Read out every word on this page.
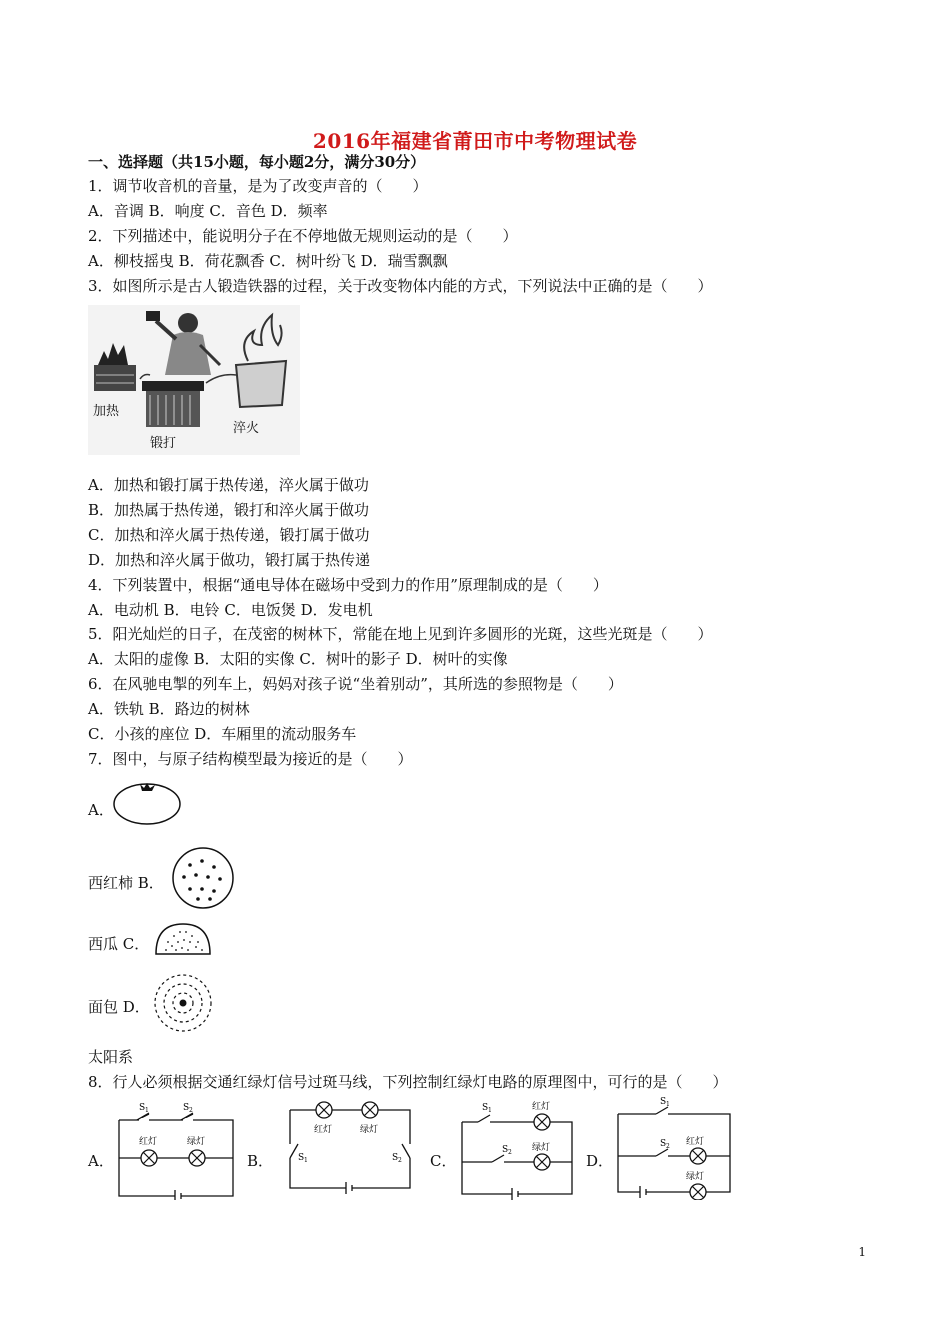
2016年福建省莆田市中考物理试卷
一、选择题（共15小题，每小题2分，满分30分）
1．调节收音机的音量，是为了改变声音的（　　）
A．音调 B．响度 C．音色 D．频率
2．下列描述中，能说明分子在不停地做无规则运动的是（　　）
A．柳枝摇曳 B．荷花飘香 C．树叶纷飞 D．瑞雪飘飘
3．如图所示是古人锻造铁器的过程，关于改变物体内能的方式，下列说法中正确的是（　　）
加热
锻打
淬火
A．加热和锻打属于热传递，淬火属于做功
B．加热属于热传递，锻打和淬火属于做功
C．加热和淬火属于热传递，锻打属于做功
D．加热和淬火属于做功，锻打属于热传递
4．下列装置中，根据“通电导体在磁场中受到力的作用”原理制成的是（　　）
A．电动机 B．电铃 C．电饭煲 D．发电机
5．阳光灿烂的日子，在茂密的树林下，常能在地上见到许多圆形的光斑，这些光斑是（　　）
A．太阳的虚像 B．太阳的实像 C．树叶的影子 D．树叶的实像
6．在风驰电掣的列车上，妈妈对孩子说“坐着别动”，其所选的参照物是（　　）
A．铁轨 B．路边的树林
C．小孩的座位 D．车厢里的流动服务车
7．图中，与原子结构模型最为接近的是（　　）
A．
西红柿 B．
西瓜 C．
面包 D．
太阳系
8．行人必须根据交通红绿灯信号过斑马线，下列控制红绿灯电路的原理图中，可行的是（　　）
A．
红灯	绿灯
S 1	S 2
B．
红灯	绿灯
S 1	S 2 C．
红灯
绿灯
S 1
S 2	D．
红灯
绿灯
S 1
S 2
1
